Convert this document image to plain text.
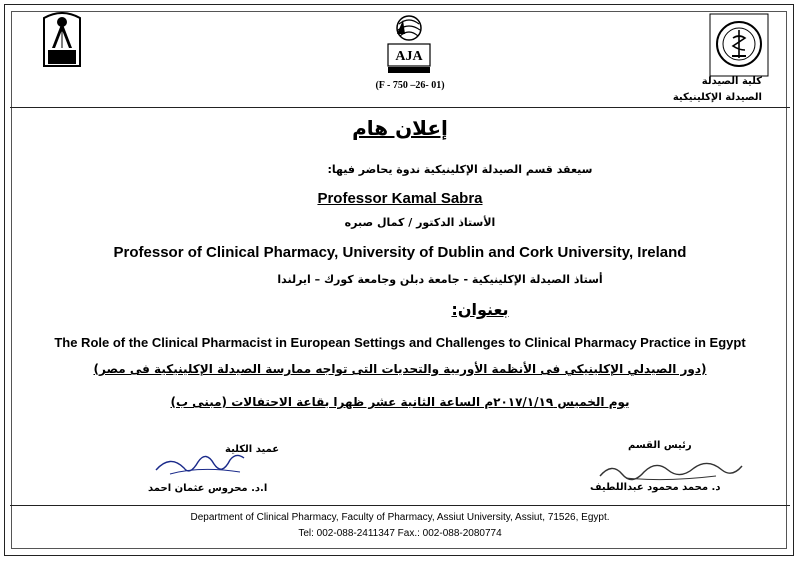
AJA
(F - 750 –26- 01)	كلية الصيدلة
الصيدلة الإكلينيكية
إعلان هام
سيعقد قسم الصيدلة الإكلينيكية ندوة يحاضر فيها:
Professor Kamal Sabra
الأستاذ الدكتور / كمال صبره
Professor of Clinical Pharmacy, University of Dublin and Cork University, Ireland
أستاذ الصيدلة الإكلينيكية - جامعة دبلن وجامعة كورك – ايرلندا
بعنوان:
The Role of the Clinical Pharmacist in European Settings and Challenges to Clinical Pharmacy Practice in Egypt
(دور الصيدلي الإكلينيكي فى الأنظمة الأوربية والتحديات التى تواجه ممارسة الصيدلة الإكلينيكية فى مصر)
يوم الخميس ٢٠١٧/١/١٩م الساعة الثانية عشر ظهرا بقاعة الاحتفالات (مبنى ب)
رئيس القسم
د. محمد محمود عبداللطيف
عميد الكلية
ا.د. محروس عثمان احمد
Department of Clinical Pharmacy, Faculty of Pharmacy, Assiut University, Assiut, 71526, Egypt.
Tel: 002-088-2411347 Fax.: 002-088-2080774
